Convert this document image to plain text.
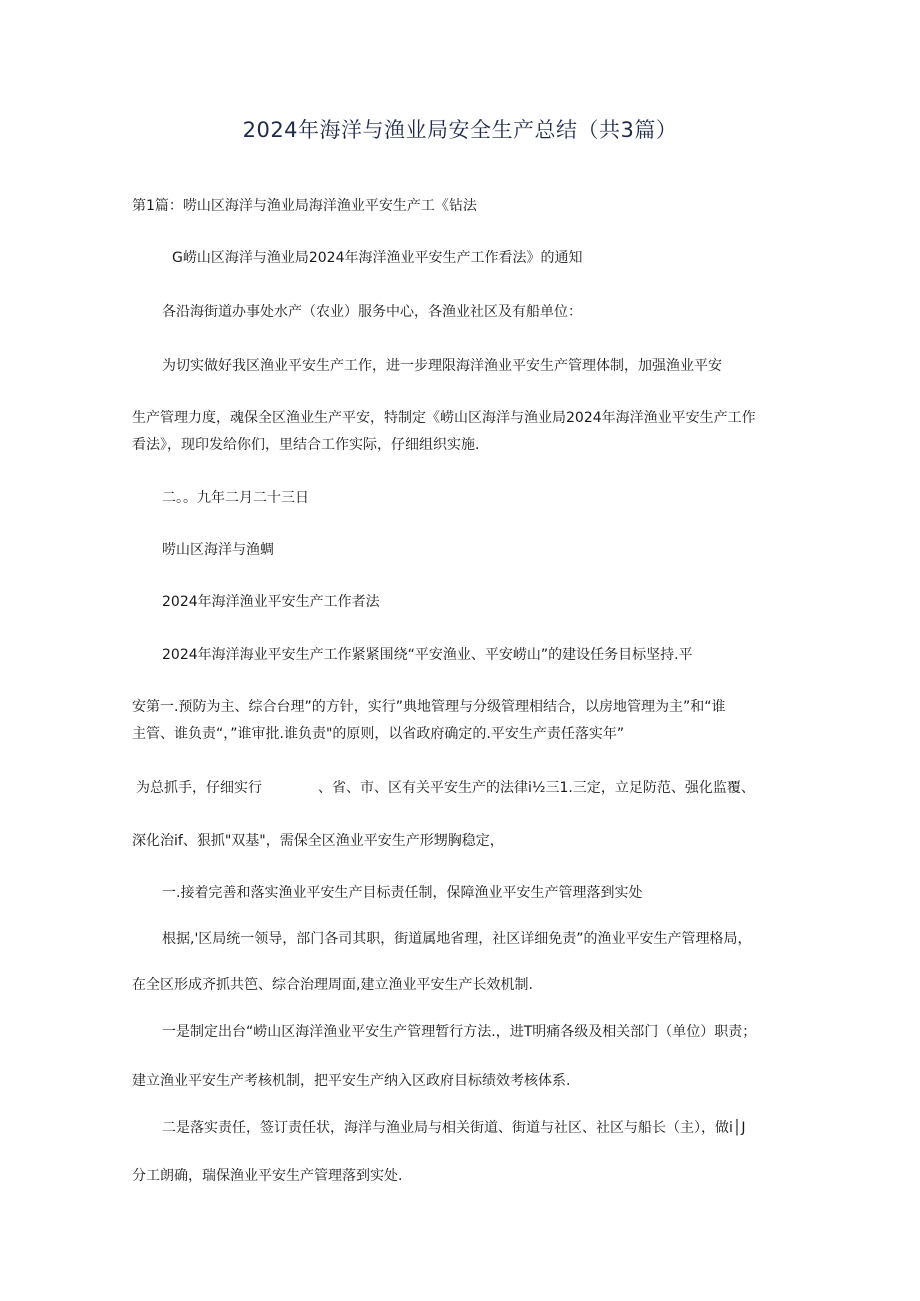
2024年海洋与渔业局安全生产总结（共3篇）
第1篇：唠山区海洋与渔业局海洋渔业平安生产工《钻法
G崂山区海洋与渔业局2024年海洋渔业平安生产工作看法》的通知
各沿海街道办事处水产（农业）服务中心，各渔业社区及有船单位：
为切实做好我区渔业平安生产工作，进一步理限海洋渔业平安生产管理体制，加强渔业平安
生产管理力度，魂保全区渔业生产平安，特制定《崂山区海洋与渔业局2024年海洋渔业平安生产工作
看法》，现印发给你们，里结合工作实际，仔细组织实施.
二。。九年二月二十三日
唠山区海洋与渔蜩
2024年海洋渔业平安生产工作者法
2024年海洋海业平安生产工作紧紧围绕“平安渔业、平安崂山”的建设任务目标坚持.平
安第一.预防为主、综合台理”的方针，实行”典地管理与分级管理相结合，以房地管理为主”和“谁
主管、谁负责“，”谁审批.谁负责"的原则，以省政府确定的.平安生产责任落实年”
为总抓手，仔细实行	、省、市、区有关平安生产的法律i½三1.三定，立足防范、强化监覆、
深化治if、狠抓"双基"，需保全区渔业平安生产形甥胸稳定，
一.接着完善和落实渔业平安生产目标责任制，保障渔业平安生产管理落到实处
根据,'区局统一领导，部门各司其职，街道属地省理，社区详细免责”的渔业平安生产管理格局，
在全区形成齐抓共笆、综合治理周面,建立渔业平安生产长效机制.
一是制定出台“崂山区海洋渔业平安生产管理暂行方法.，进T明痛各级及相关部门（单位）职责；
建立渔业平安生产考核机制，把平安生产纳入区政府目标绩效考核体系.
二是落实责任，签订责任状，海洋与渔业局与相关街道、街道与社区、社区与船长（主），做i│J
分工朗确，瑞保渔业平安生产管理落到实处.
